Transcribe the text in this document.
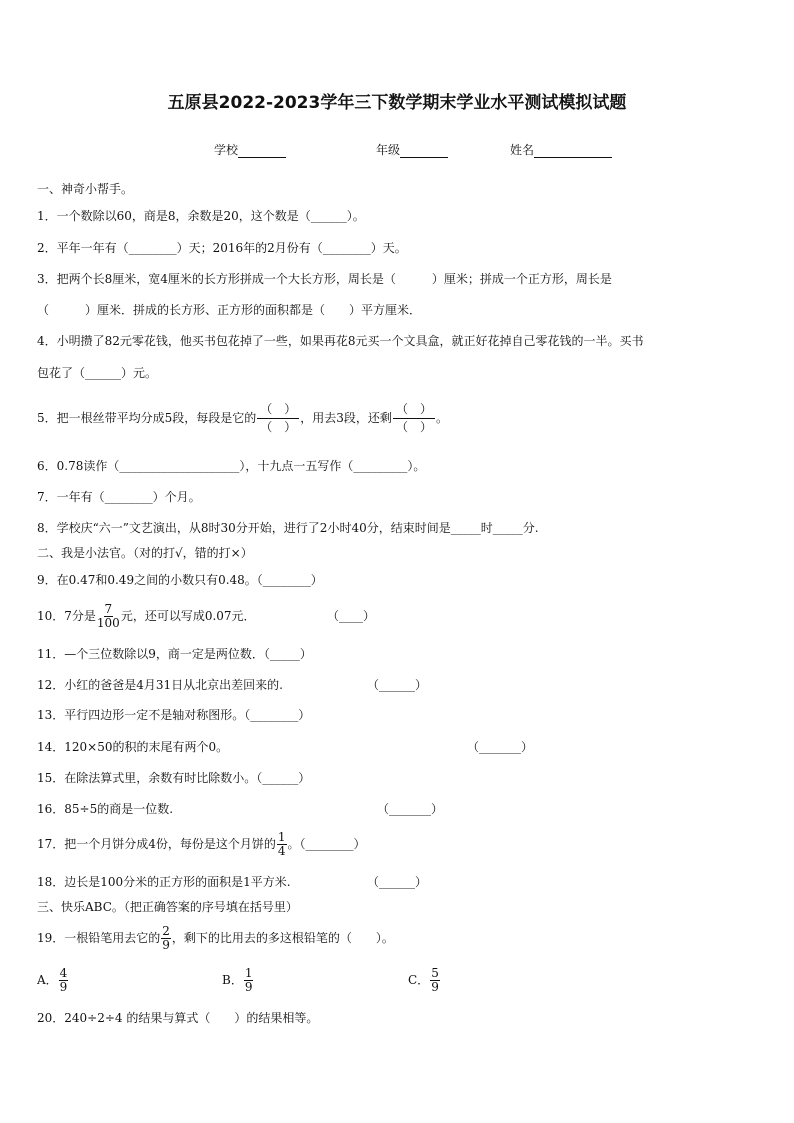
五原县2022-2023学年三下数学期末学业水平测试模拟试题
学校	年级	姓名
一、神奇小帮手。
1．一个数除以60，商是8，余数是20，这个数是（______）。
2．平年一年有（________）天；2016年的2月份有（________）天。
3．把两个长8厘米，宽4厘米的长方形拼成一个大长方形，周长是（　　　）厘米；拼成一个正方形，周长是
（　　　）厘米．拼成的长方形、正方形的面积都是（　　）平方厘米．
4．小明攒了82元零花钱，他买书包花掉了一些，如果再花8元买一个文具盒，就正好花掉自己零花钱的一半。买书
包花了（______）元。
5．把一根丝带平均分成5段，每段是它的 $\frac{( )}{( )}$ ，用去3段，还剩 $\frac{( )}{( )}$ 。
6．0.78读作（____________________），十九点一五写作（_________）。
7．一年有（________）个月。
8．学校庆“六一”文艺演出，从8时30分开始，进行了2小时40分，结束时间是_____时_____分.
二、我是小法官。（对的打√，错的打×）
9．在0.47和0.49之间的小数只有0.48。（________）
10．7分是 $\frac{7}{100}$ 元，还可以写成0.07元．	（____）
11．—个三位数除以9，商一定是两位数．（_____）
12．小红的爸爸是4月31日从北京出差回来的.	（______）
13．平行四边形一定不是轴对称图形。（________）
14．120×50的积的末尾有两个0。	（_______）
15．在除法算式里，余数有时比除数小。（______）
16．85÷5的商是一位数.	（_______）
17．把一个月饼分成4份，每份是这个月饼的 $\frac{1}{4}$ 。（________）
18．边长是100分米的正方形的面积是1平方米.	（______）
三、快乐ABC。（把正确答案的序号填在括号里）
19．一根铅笔用去它的 $\frac{2}{9}$ ，剩下的比用去的多这根铅笔的（　　）。
A． $\frac{4}{9}$	B． $\frac{1}{9}$	C． $\frac{5}{9}$
20．240÷2÷4 的结果与算式（　　）的结果相等。
